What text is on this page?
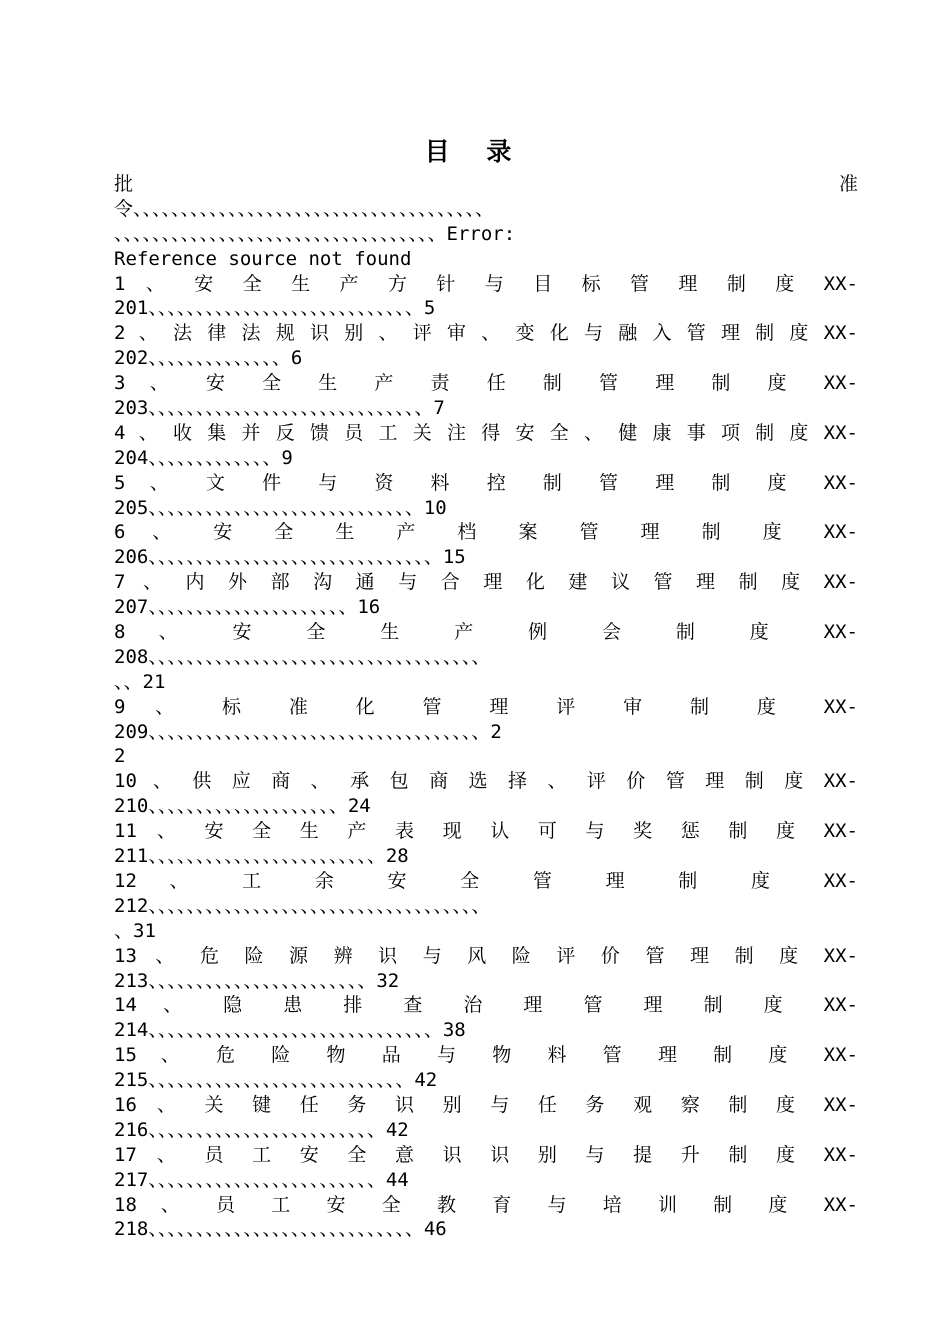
目 录
批	准
令、、、、、、、、、、、、、、、、、、、、、、、、、、、、、、、、、、、、、
、、、、、、、、、、、、、、、、、、、、、、、、、、、、、、、、、、Error:
Reference source not found
1 、 安 全 生 产 方 针 与 目 标 管 理 制 度 XX-
201、、、、、、、、、、、、、、、、、、、、、、、、、、、、5
2 、 法 律 法 规 识 别 、 评 审 、 变 化 与 融 入 管 理 制 度 XX-
202、、、、、、、、、、、、、、6
3 、 安 全 生 产 责 任 制 管 理 制 度 XX-
203、、、、、、、、、、、、、、、、、、、、、、、、、、、、、7
4 、 收 集 并 反 馈 员 工 关 注 得 安 全 、 健 康 事 项 制 度 XX-
204、、、、、、、、、、、、、9
5 、 文 件 与 资 料 控 制 管 理 制 度 XX-
205、、、、、、、、、、、、、、、、、、、、、、、、、、、、10
6 、 安 全 生 产 档 案 管 理 制 度 XX-
206、、、、、、、、、、、、、、、、、、、、、、、、、、、、、、15
7 、 内 外 部 沟 通 与 合 理 化 建 议 管 理 制 度 XX-
207、、、、、、、、、、、、、、、、、、、、、16
8 、 安 全 生 产 例 会 制 度 XX-
208、、、、、、、、、、、、、、、、、、、、、、、、、、、、、、、、、、、
、、21
9 、 标 准 化 管 理 评 审 制 度 XX-
209、、、、、、、、、、、、、、、、、、、、、、、、、、、、、、、、、、、2
2
10 、 供 应 商 、 承 包 商 选 择 、 评 价 管 理 制 度 XX-
210、、、、、、、、、、、、、、、、、、、、24
11 、 安 全 生 产 表 现 认 可 与 奖 惩 制 度 XX-
211、、、、、、、、、、、、、、、、、、、、、、、、28
12 、 工 余 安 全 管 理 制 度 XX-
212、、、、、、、、、、、、、、、、、、、、、、、、、、、、、、、、、、、
、31
13 、 危 险 源 辨 识 与 风 险 评 价 管 理 制 度 XX-
213、、、、、、、、、、、、、、、、、、、、、、、32
14 、 隐 患 排 查 治 理 管 理 制 度 XX-
214、、、、、、、、、、、、、、、、、、、、、、、、、、、、、、38
15 、 危 险 物 品 与 物 料 管 理 制 度 XX-
215、、、、、、、、、、、、、、、、、、、、、、、、、、、42
16 、 关 键 任 务 识 别 与 任 务 观 察 制 度 XX-
216、、、、、、、、、、、、、、、、、、、、、、、、42
17 、 员 工 安 全 意 识 识 别 与 提 升 制 度 XX-
217、、、、、、、、、、、、、、、、、、、、、、、、44
18 、 员 工 安 全 教 育 与 培 训 制 度 XX-
218、、、、、、、、、、、、、、、、、、、、、、、、、、、、46
